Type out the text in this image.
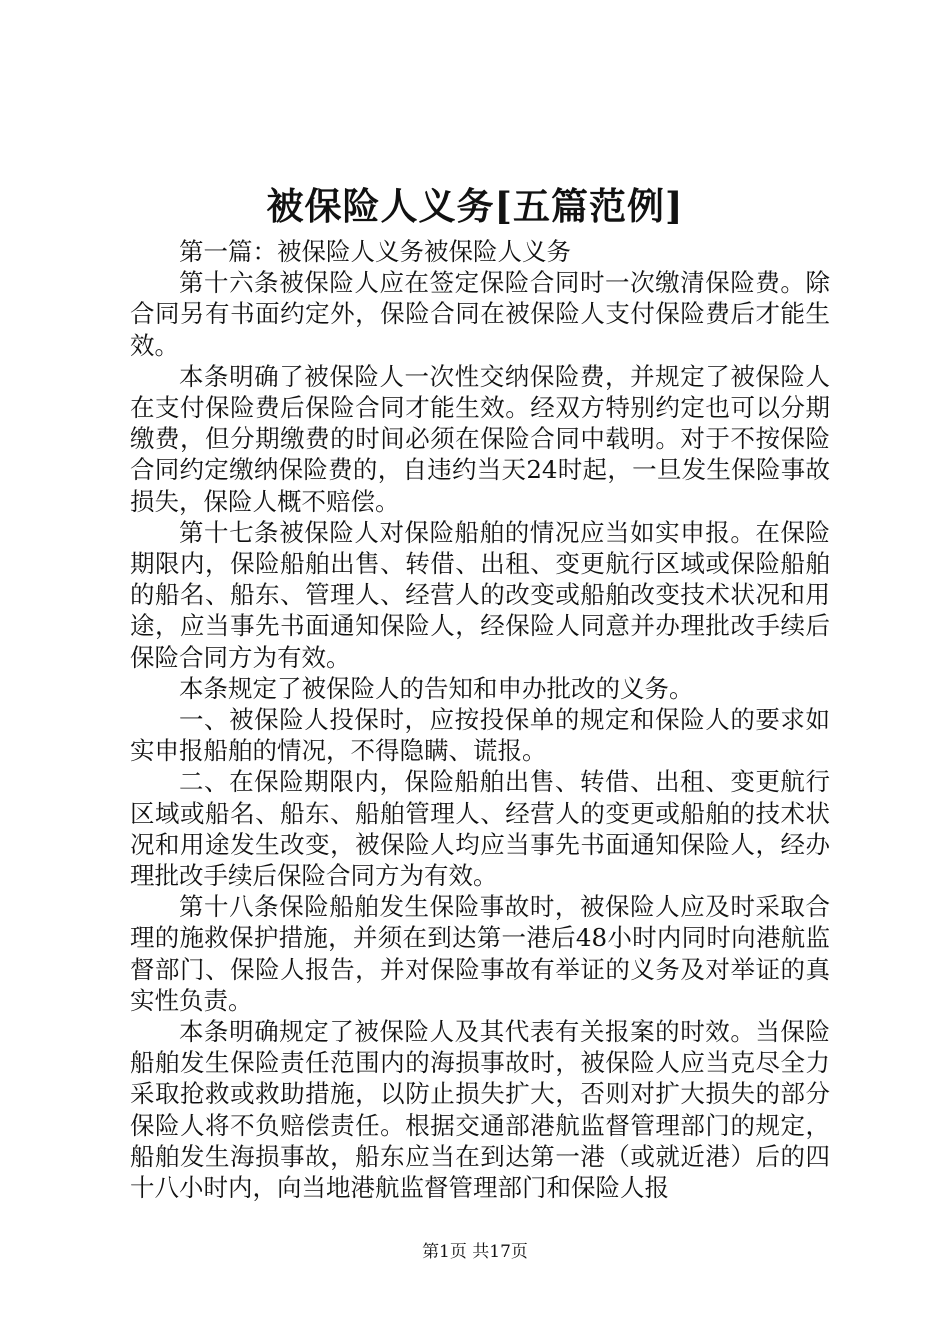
被保险人义务[五篇范例]

第一篇：被保险人义务被保险人义务

第十六条被保险人应在签定保险合同时一次缴清保险费。除合同另有书面约定外，保险合同在被保险人支付保险费后才能生效。

本条明确了被保险人一次性交纳保险费，并规定了被保险人在支付保险费后保险合同才能生效。经双方特别约定也可以分期缴费，但分期缴费的时间必须在保险合同中载明。对于不按保险合同约定缴纳保险费的，自违约当天24时起，一旦发生保险事故损失，保险人概不赔偿。

第十七条被保险人对保险船舶的情况应当如实申报。在保险期限内，保险船舶出售、转借、出租、变更航行区域或保险船舶的船名、船东、管理人、经营人的改变或船舶改变技术状况和用途，应当事先书面通知保险人，经保险人同意并办理批改手续后保险合同方为有效。

本条规定了被保险人的告知和申办批改的义务。

一、被保险人投保时，应按投保单的规定和保险人的要求如实申报船舶的情况，不得隐瞒、谎报。

二、在保险期限内，保险船舶出售、转借、出租、变更航行区域或船名、船东、船舶管理人、经营人的变更或船舶的技术状况和用途发生改变，被保险人均应当事先书面通知保险人，经办理批改手续后保险合同方为有效。

第十八条保险船舶发生保险事故时，被保险人应及时采取合理的施救保护措施，并须在到达第一港后48小时内同时向港航监督部门、保险人报告，并对保险事故有举证的义务及对举证的真实性负责。

本条明确规定了被保险人及其代表有关报案的时效。当保险船舶发生保险责任范围内的海损事故时，被保险人应当克尽全力采取抢救或救助措施，以防止损失扩大，否则对扩大损失的部分保险人将不负赔偿责任。根据交通部港航监督管理部门的规定，船舶发生海损事故，船东应当在到达第一港（或就近港）后的四十八小时内，向当地港航监督管理部门和保险人报

第1页 共17页
